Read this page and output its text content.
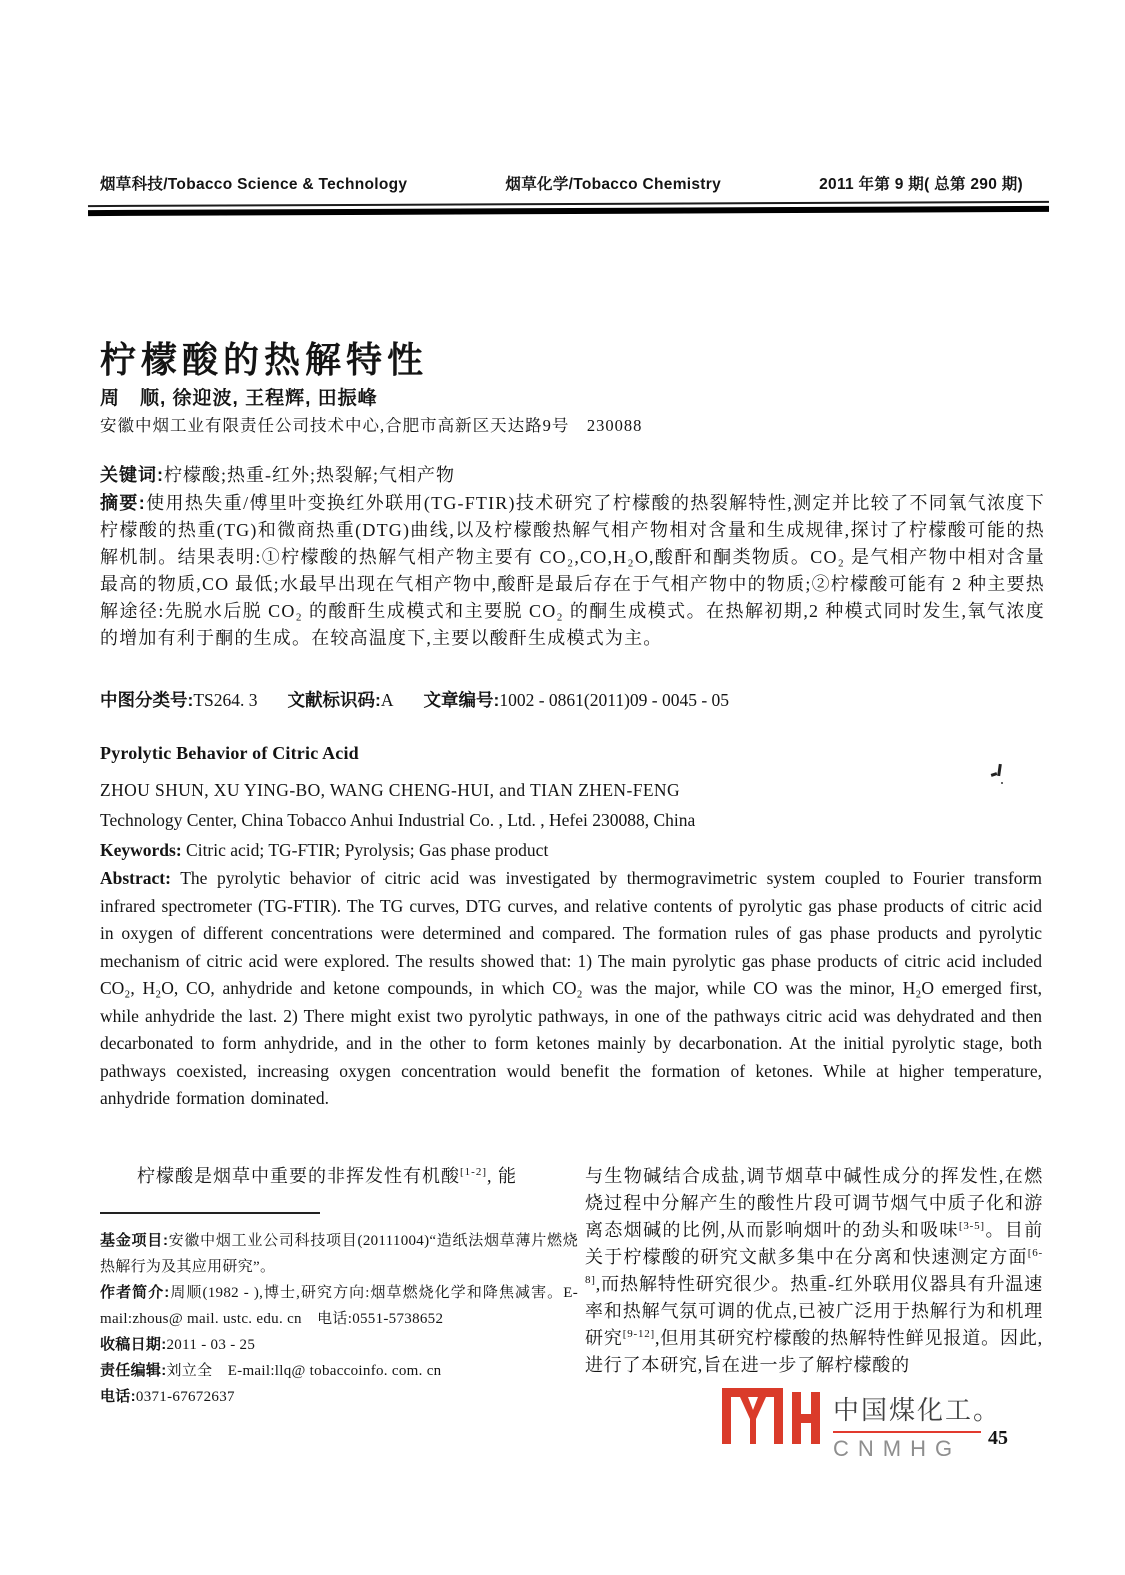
烟草科技/Tobacco Science & Technology	烟草化学/Tobacco Chemistry	2011 年第 9 期( 总第 290 期)
柠檬酸的热解特性
周　顺, 徐迎波, 王程辉, 田振峰
安徽中烟工业有限责任公司技术中心,合肥市高新区天达路9号　230088
关键词:柠檬酸;热重-红外;热裂解;气相产物
摘要:使用热失重/傅里叶变换红外联用(TG-FTIR)技术研究了柠檬酸的热裂解特性,测定并比较了不同氧气浓度下柠檬酸的热重(TG)和微商热重(DTG)曲线,以及柠檬酸热解气相产物相对含量和生成规律,探讨了柠檬酸可能的热解机制。结果表明:①柠檬酸的热解气相产物主要有 CO₂,CO,H₂O,酸酐和酮类物质。CO₂ 是气相产物中相对含量最高的物质,CO 最低;水最早出现在气相产物中,酸酐是最后存在于气相产物中的物质;②柠檬酸可能有 2 种主要热解途径:先脱水后脱 CO₂ 的酸酐生成模式和主要脱 CO₂ 的酮生成模式。在热解初期,2 种模式同时发生,氧气浓度的增加有利于酮的生成。在较高温度下,主要以酸酐生成模式为主。
中图分类号:TS264. 3 文献标识码:A 文章编号:1002 - 0861(2011)09 - 0045 - 05
Pyrolytic Behavior of Citric Acid
ZHOU SHUN, XU YING-BO, WANG CHENG-HUI, and TIAN ZHEN-FENG
Technology Center, China Tobacco Anhui Industrial Co. , Ltd. , Hefei 230088, China
Keywords: Citric acid; TG-FTIR; Pyrolysis; Gas phase product
Abstract: The pyrolytic behavior of citric acid was investigated by thermogravimetric system coupled to Fourier transform infrared spectrometer (TG-FTIR). The TG curves, DTG curves, and relative contents of pyrolytic gas phase products of citric acid in oxygen of different concentrations were determined and compared. The formation rules of gas phase products and pyrolytic mechanism of citric acid were explored. The results showed that: 1) The main pyrolytic gas phase products of citric acid included CO₂, H₂O, CO, anhydride and ketone compounds, in which CO₂ was the major, while CO was the minor, H₂O emerged first, while anhydride the last. 2) There might exist two pyrolytic pathways, in one of the pathways citric acid was dehydrated and then decarbonated to form anhydride, and in the other to form ketones mainly by decarbonation. At the initial pyrolytic stage, both pathways coexisted, increasing oxygen concentration would benefit the formation of ketones. While at higher temperature, anhydride formation dominated.

柠檬酸是烟草中重要的非挥发性有机酸[1-2], 能	与生物碱结合成盐,调节烟草中碱性成分的挥发性,在燃烧过程中分解产生的酸性片段可调节烟气中质子化和游离态烟碱的比例,从而影响烟叶的劲头和吸味[3-5]。目前关于柠檬酸的研究文献多集中在分离和快速测定方面[6-8],而热解特性研究很少。热重-红外联用仪器具有升温速率和热解气氛可调的优点,已被广泛用于热解行为和机理研究[9-12],但用其研究柠檬酸的热解特性鲜见报道。因此,进行了本研究,旨在进一步了解柠檬酸的

基金项目:安徽中烟工业公司科技项目(20111004)“造纸法烟草薄片燃烧热解行为及其应用研究”。

作者简介:周顺(1982 - ),博士,研究方向:烟草燃烧化学和降焦减害。E-mail:zhous@ mail. ustc. edu. cn　电话:0551-5738652

收稿日期:2011 - 03 - 25

责任编辑:刘立全　E-mail:llq@ tobaccoinfo. com. cn

电话:0371-67672637	中国煤化工。
CNMHG	45
